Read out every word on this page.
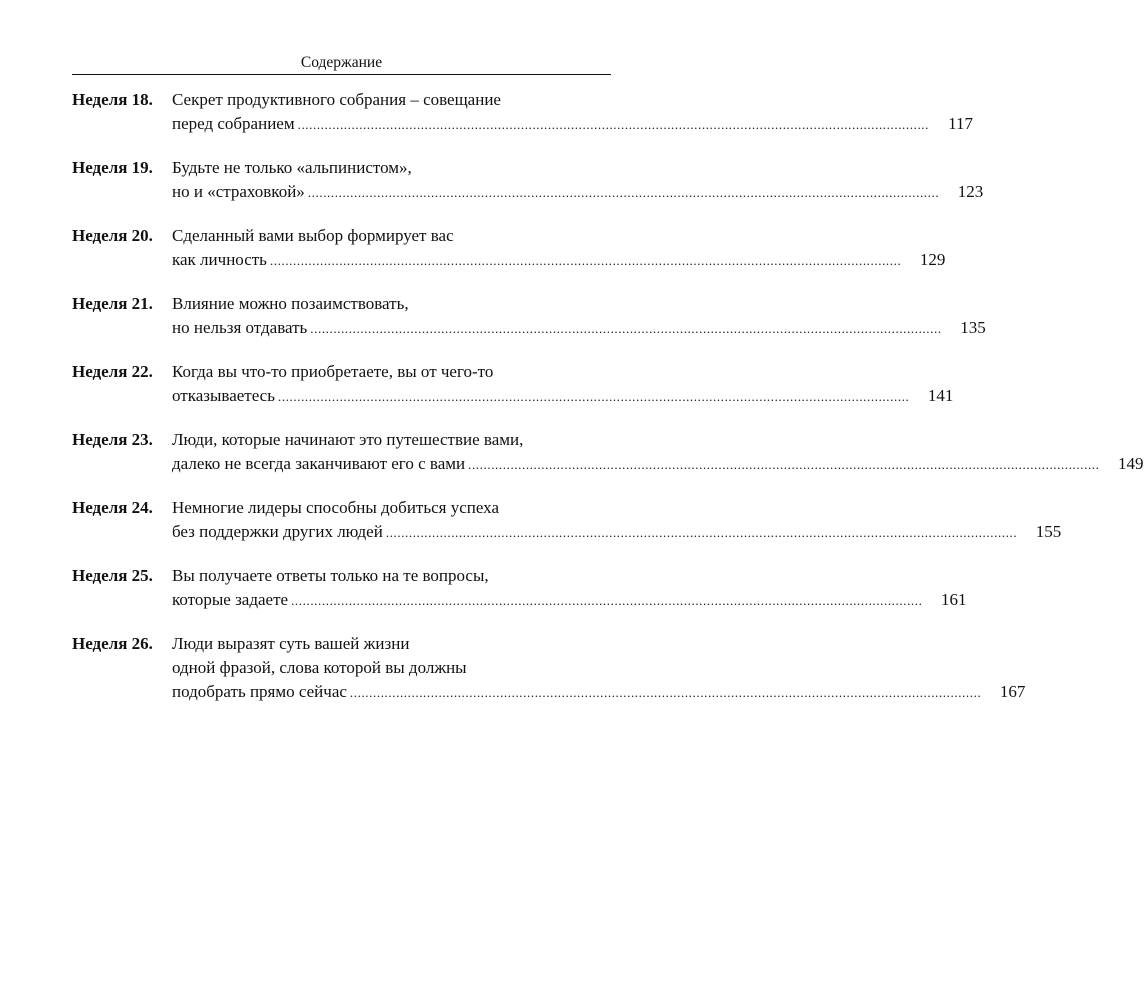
Содержание
Неделя 18.	Секрет продуктивного собрания – совещание
перед собранием .....	117
Неделя 19.	Будьте не только «альпинистом»,
но и «страховкой» .....	123
Неделя 20.	Сделанный вами выбор формирует вас
как личность .....	129
Неделя 21.	Влияние можно позаимствовать,
но нельзя отдавать .....	135
Неделя 22.	Когда вы что-то приобретаете, вы от чего-то
отказываетесь .....	141
Неделя 23.	Люди, которые начинают это путешествие вами,
далеко не всегда заканчивают его с вами .....	149
Неделя 24.	Немногие лидеры способны добиться успеха
без поддержки других людей .....	155
Неделя 25.	Вы получаете ответы только на те вопросы,
которые задаете .....	161
Неделя 26.	Люди выразят суть вашей жизни
одной фразой, слова которой вы должны
подобрать прямо сейчас .....	167
